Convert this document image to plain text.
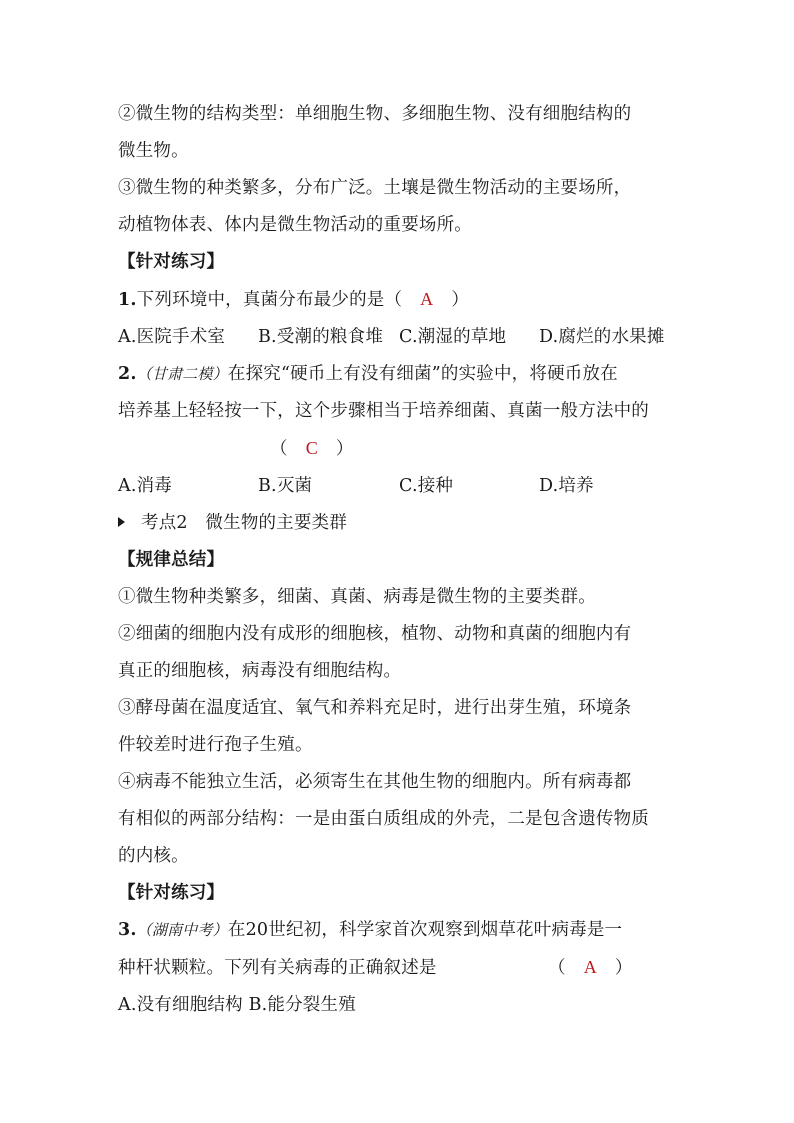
②微生物的结构类型：单细胞生物、多细胞生物、没有细胞结构的
微生物。
③微生物的种类繁多，分布广泛。土壤是微生物活动的主要场所，
动植物体表、体内是微生物活动的重要场所。
【针对练习】
1.下列环境中，真菌分布最少的是（ A ）
A.医院手术室 B.受潮的粮食堆 C.潮湿的草地 D.腐烂的水果摊
2.（甘肃二模）在探究“硬币上有没有细菌”的实验中，将硬币放在
培养基上轻轻按一下，这个步骤相当于培养细菌、真菌一般方法中的
（ C ）
A.消毒	B.灭菌	C.接种	D.培养
考点2　微生物的主要类群
【规律总结】
①微生物种类繁多，细菌、真菌、病毒是微生物的主要类群。
②细菌的细胞内没有成形的细胞核，植物、动物和真菌的细胞内有
真正的细胞核，病毒没有细胞结构。
③酵母菌在温度适宜、氧气和养料充足时，进行出芽生殖，环境条
件较差时进行孢子生殖。
④病毒不能独立生活，必须寄生在其他生物的细胞内。所有病毒都
有相似的两部分结构：一是由蛋白质组成的外壳，二是包含遗传物质
的内核。
【针对练习】
3.（湖南中考）在20世纪初，科学家首次观察到烟草花叶病毒是一
种杆状颗粒。下列有关病毒的正确叙述是	（ A ）
A.没有细胞结构 B.能分裂生殖
